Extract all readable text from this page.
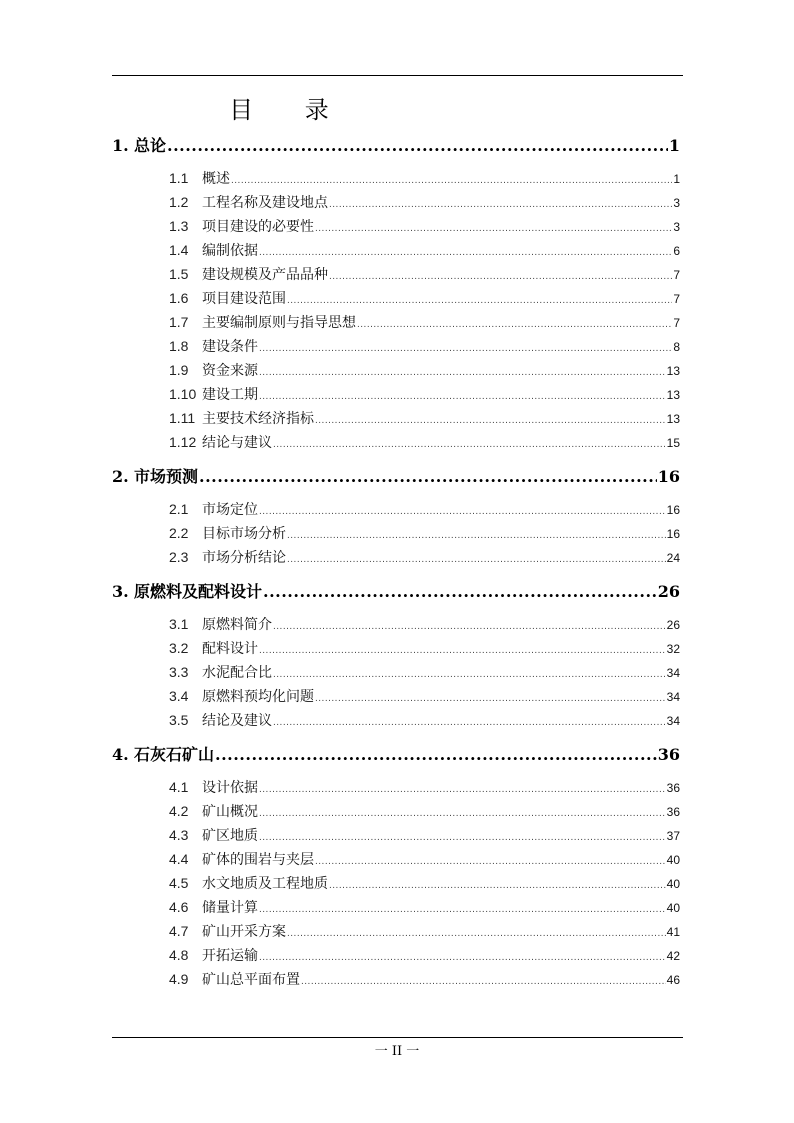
目 录
1. 总论 .....	1
1.1 概述 .....	1
1.2 工程名称及建设地点 .....	3
1.3 项目建设的必要性 .....	3
1.4 编制依据 .....	6
1.5 建设规模及产品品种 .....	7
1.6 项目建设范围 .....	7
1.7 主要编制原则与指导思想 .....	7
1.8 建设条件 .....	8
1.9 资金来源 .....	13
1.10 建设工期 .....	13
1.11 主要技术经济指标 .....	13
1.12 结论与建议 .....	15
2. 市场预测 .....	16
2.1 市场定位 .....	16
2.2 目标市场分析 .....	16
2.3 市场分析结论 .....	24
3. 原燃料及配料设计 .....	26
3.1 原燃料简介 .....	26
3.2 配料设计 .....	32
3.3 水泥配合比 .....	34
3.4 原燃料预均化问题 .....	34
3.5 结论及建议 .....	34
4. 石灰石矿山 .....	36
4.1 设计依据 .....	36
4.2 矿山概况 .....	36
4.3 矿区地质 .....	37
4.4 矿体的围岩与夹层 .....	40
4.5 水文地质及工程地质 .....	40
4.6 储量计算 .....	40
4.7 矿山开采方案 .....	41
4.8 开拓运输 .....	42
4.9 矿山总平面布置 .....	46
一 II 一
